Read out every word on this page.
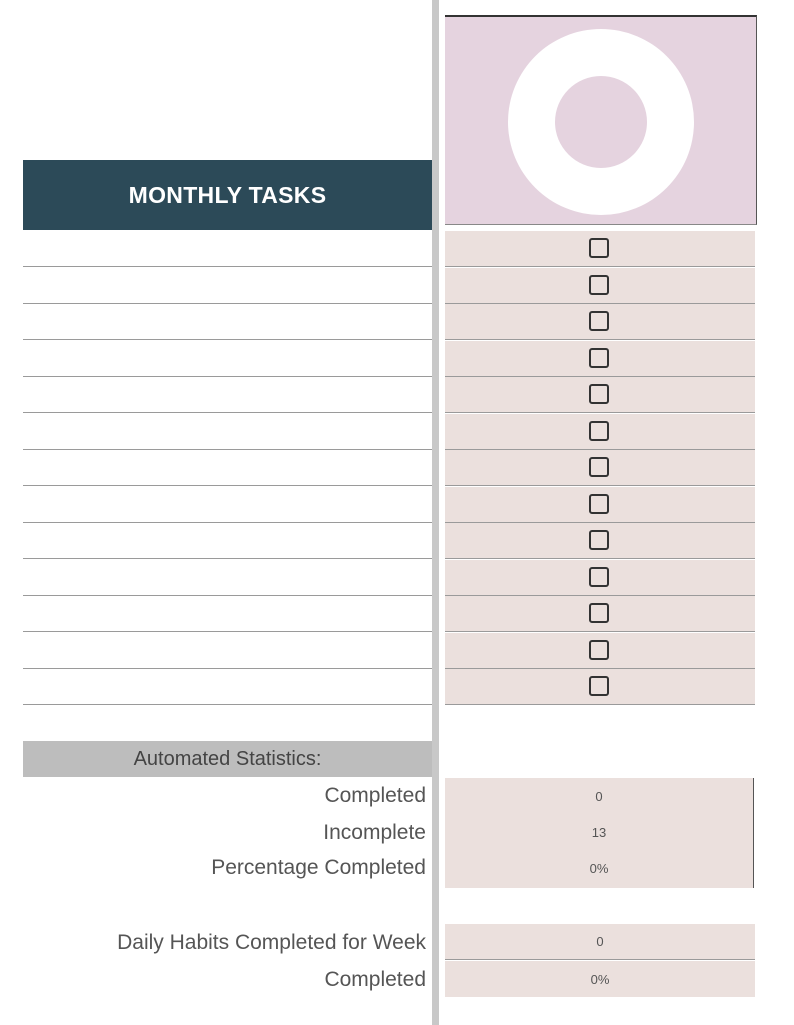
MONTHLY TASKS
Automated Statistics:
Completed
Incomplete
Percentage Completed
0
13
0%
Daily Habits Completed for Week
Completed
0
0%
